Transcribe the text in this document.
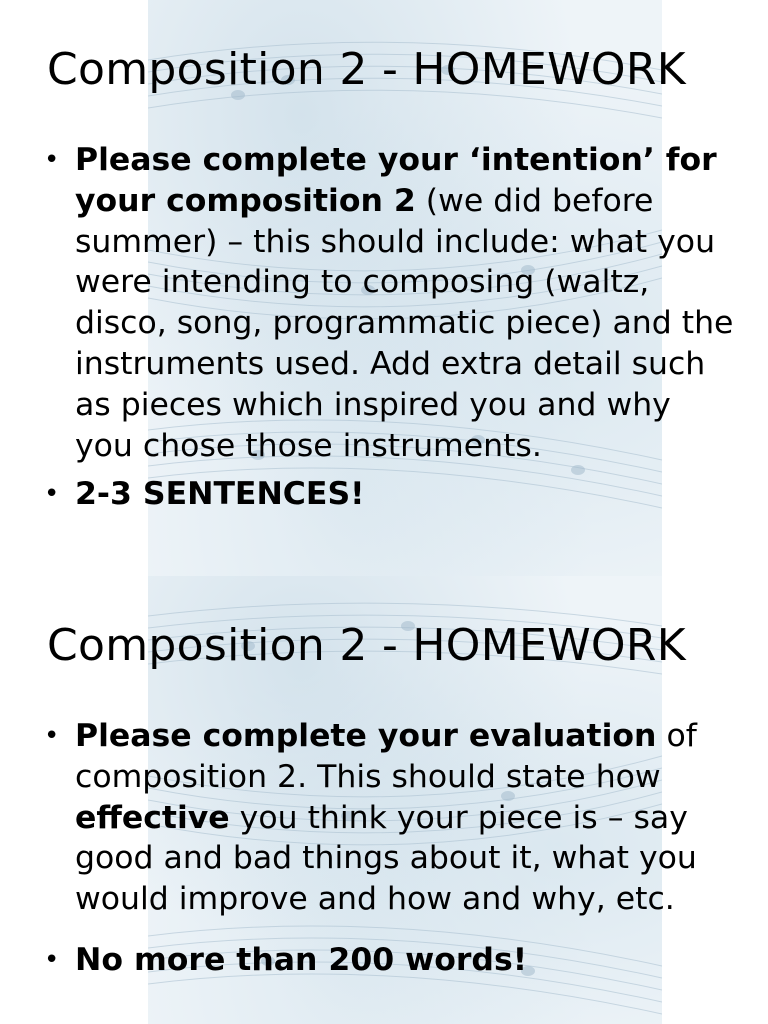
Composition 2 - HOMEWORK
• Please complete your ‘intention’ for your composition 2 (we did before summer) – this should include: what you were intending to composing (waltz, disco, song, programmatic piece) and the instruments used. Add extra detail such as pieces which inspired you and why you chose those instruments.
• 2-3 SENTENCES!
Composition 2 - HOMEWORK
• Please complete your evaluation of composition 2. This should state how effective you think your piece is – say good and bad things about it, what you would improve and how and why, etc.
• No more than 200 words!
